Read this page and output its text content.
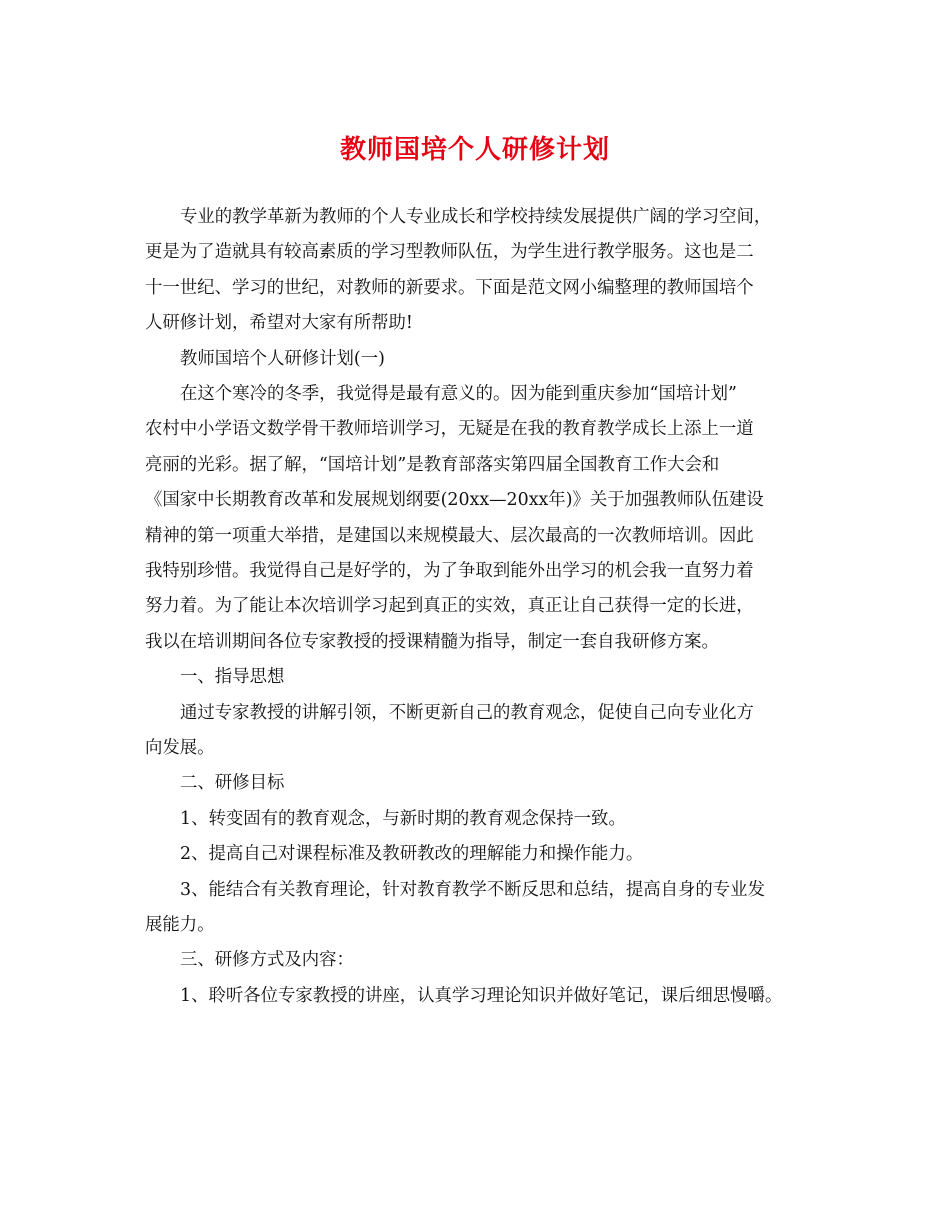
教师国培个人研修计划
专业的教学革新为教师的个人专业成长和学校持续发展提供广阔的学习空间，
更是为了造就具有较高素质的学习型教师队伍，为学生进行教学服务。这也是二
十一世纪、学习的世纪，对教师的新要求。下面是范文网小编整理的教师国培个
人研修计划，希望对大家有所帮助!
教师国培个人研修计划(一)
在这个寒冷的冬季，我觉得是最有意义的。因为能到重庆参加“国培计划”
农村中小学语文数学骨干教师培训学习，无疑是在我的教育教学成长上添上一道
亮丽的光彩。据了解，“国培计划”是教育部落实第四届全国教育工作大会和
《国家中长期教育改革和发展规划纲要(20xx—20xx年)》关于加强教师队伍建设
精神的第一项重大举措，是建国以来规模最大、层次最高的一次教师培训。因此
我特别珍惜。我觉得自己是好学的，为了争取到能外出学习的机会我一直努力着
努力着。为了能让本次培训学习起到真正的实效，真正让自己获得一定的长进，
我以在培训期间各位专家教授的授课精髓为指导，制定一套自我研修方案。
一、指导思想
通过专家教授的讲解引领，不断更新自己的教育观念，促使自己向专业化方
向发展。
二、研修目标
1、转变固有的教育观念，与新时期的教育观念保持一致。
2、提高自己对课程标准及教研教改的理解能力和操作能力。
3、能结合有关教育理论，针对教育教学不断反思和总结，提高自身的专业发
展能力。
三、研修方式及内容：
1、聆听各位专家教授的讲座，认真学习理论知识并做好笔记，课后细思慢嚼。
